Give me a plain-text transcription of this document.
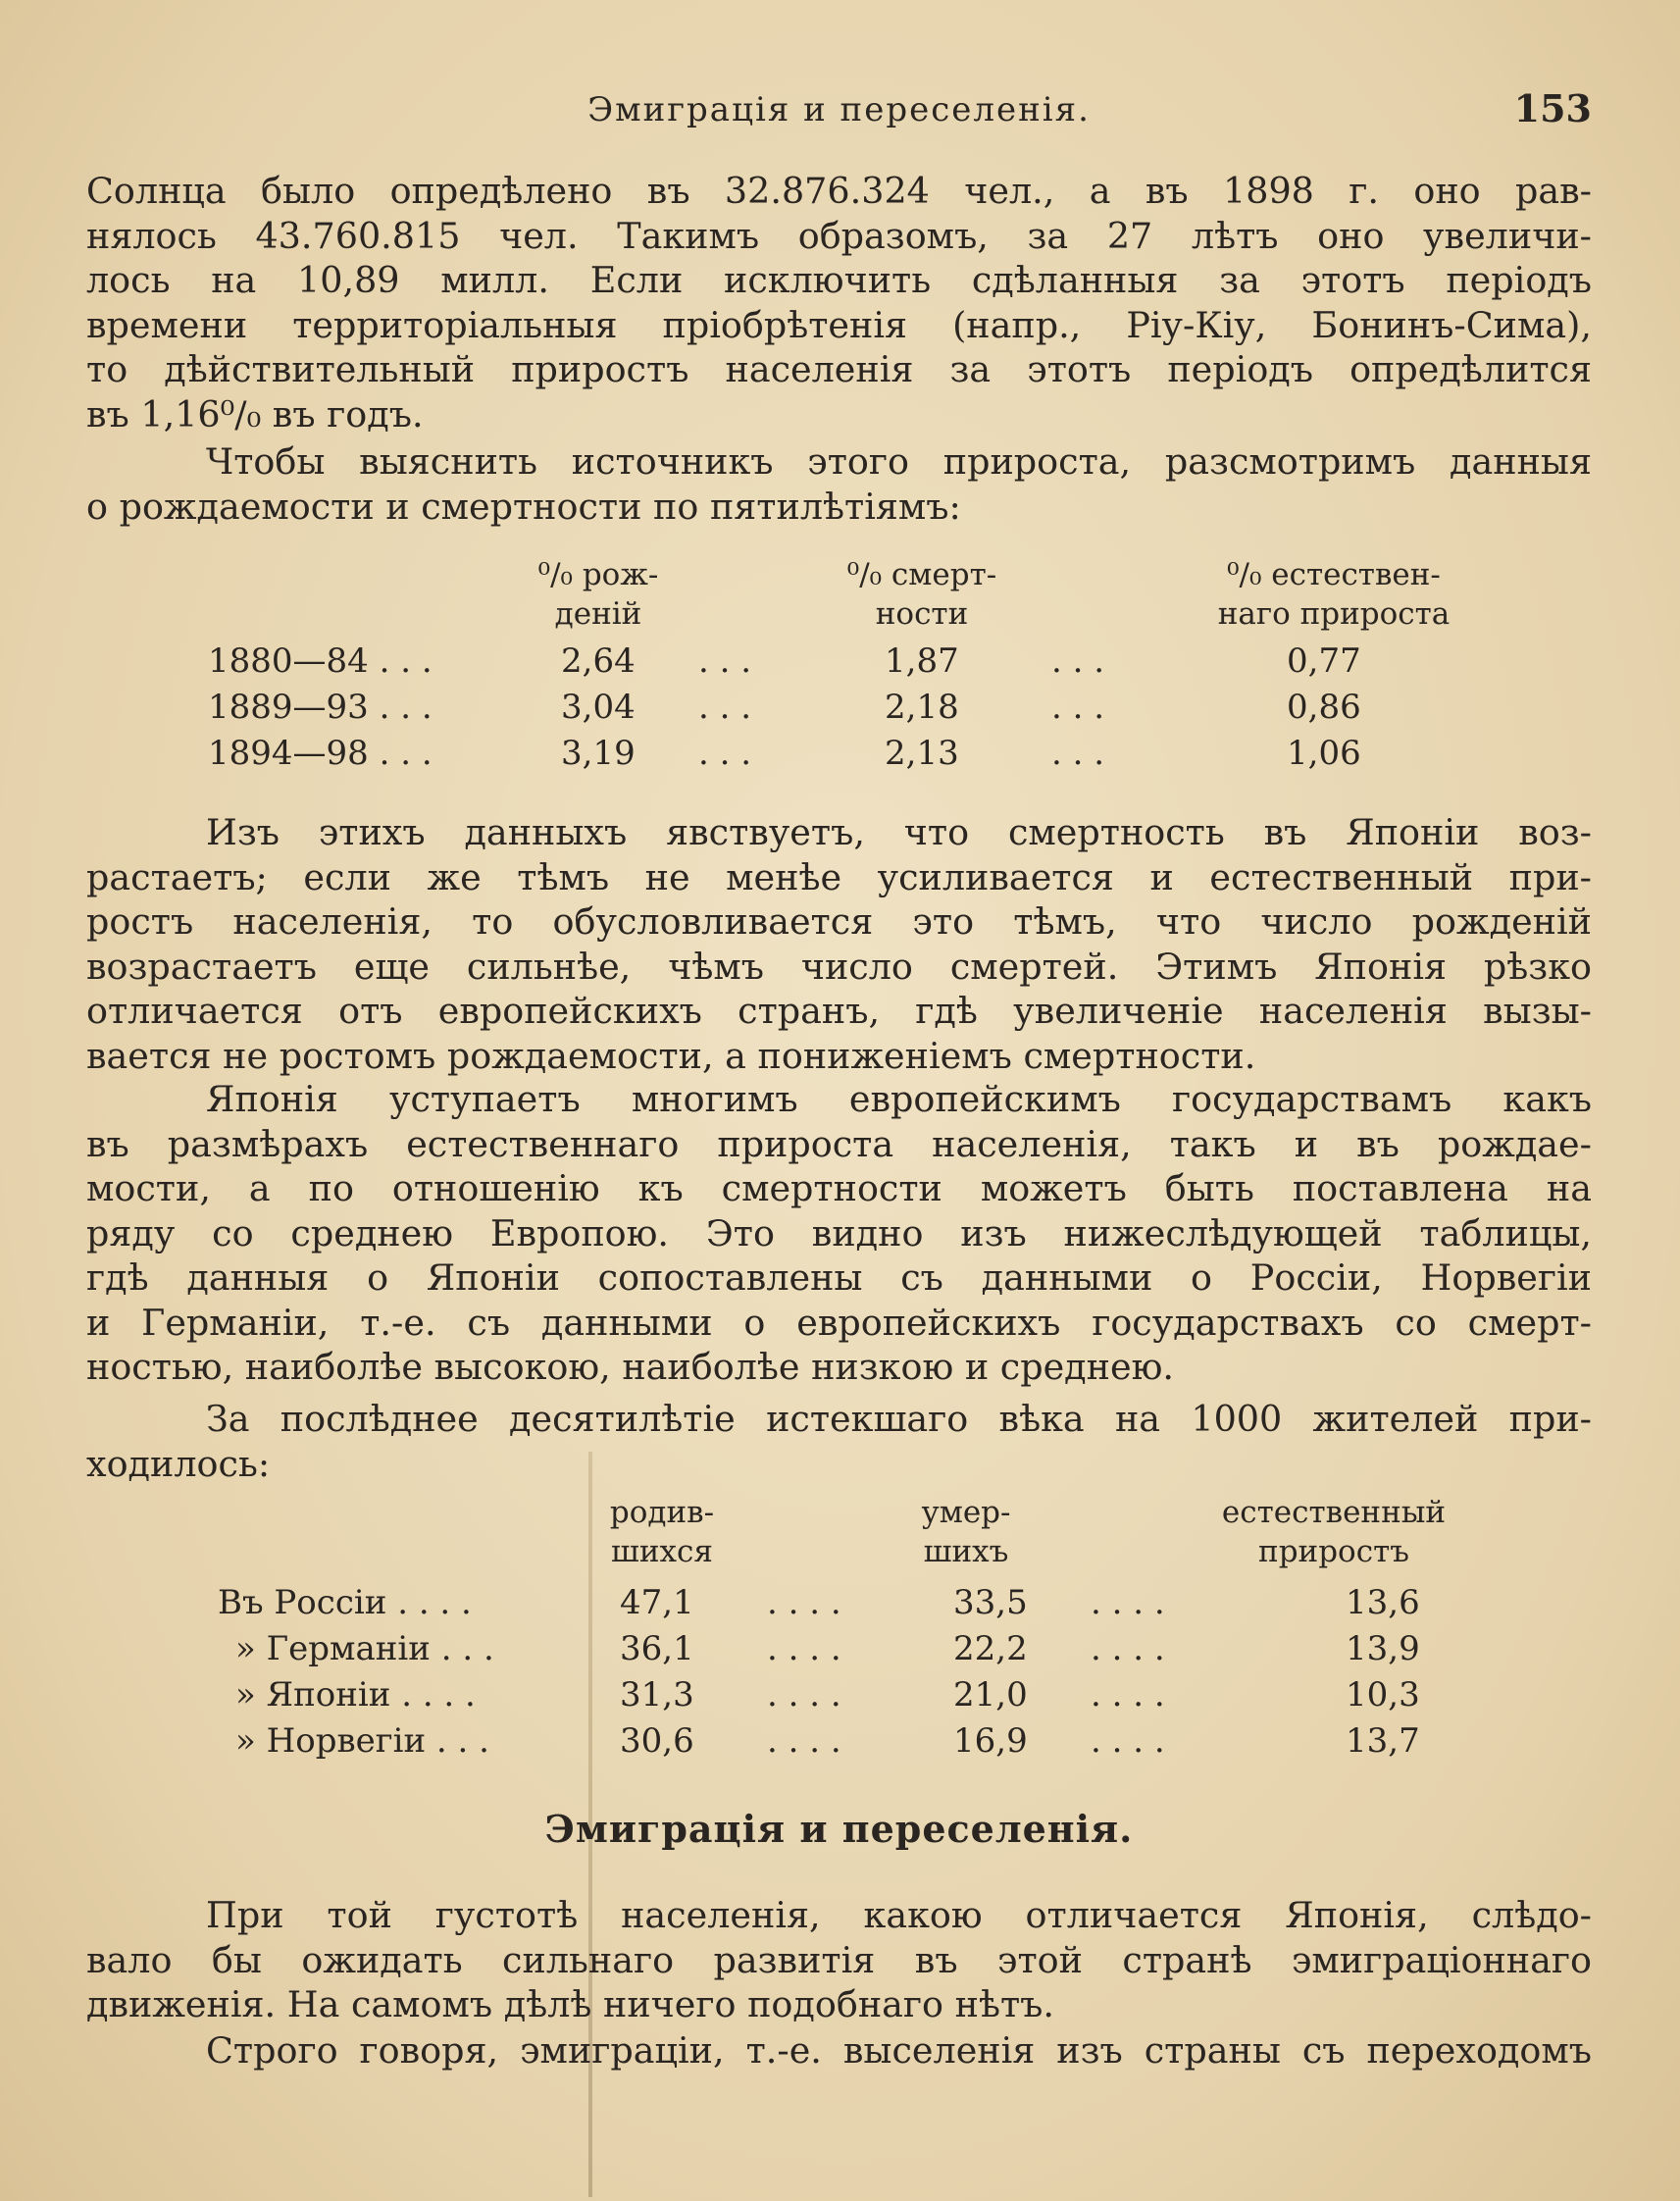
Эмиграція и переселенія.	153
Солнца было опредѣлено въ 32.876.324 чел., а въ 1898 г. оно рав-
нялось 43.760.815 чел. Такимъ образомъ, за 27 лѣтъ оно увеличи-
лось на 10,89 милл. Если исключить сдѣланныя за этотъ періодъ
времени территоріальныя пріобрѣтенія (напр., Ріу-Кіу, Бонинъ-Сима),
то дѣйствительный приростъ населенія за этотъ періодъ опредѣлится
въ 1,16⁰/₀ въ годъ.
Чтобы выяснить источникъ этого прироста, разсмотримъ данныя
о рождаемости и смертности по пятилѣтіямъ:
⁰/₀ рож-
деній
⁰/₀ смерт-
ности
⁰/₀ естествен-
наго прироста
1880—84 . . .	2,64	. . .	1,87	. . .	0,77
1889—93 . . .	3,04	. . .	2,18	. . .	0,86
1894—98 . . .	3,19	. . .	2,13	. . .	1,06
Изъ этихъ данныхъ явствуетъ, что смертность въ Японіи воз-
растаетъ; если же тѣмъ не менѣе усиливается и естественный при-
ростъ населенія, то обусловливается это тѣмъ, что число рожденій
возрастаетъ еще сильнѣе, чѣмъ число смертей. Этимъ Японія рѣзко
отличается отъ европейскихъ странъ, гдѣ увеличеніе населенія вызы-
вается не ростомъ рождаемости, а пониженіемъ смертности.
Японія уступаетъ многимъ европейскимъ государствамъ какъ
въ размѣрахъ естественнаго прироста населенія, такъ и въ рождае-
мости, а по отношенію къ смертности можетъ быть поставлена на
ряду со среднею Европою. Это видно изъ нижеслѣдующей таблицы,
гдѣ данныя о Японіи сопоставлены съ данными о Россіи, Норвегіи
и Германіи, т.-е. съ данными о европейскихъ государствахъ со смерт-
ностью, наиболѣе высокою, наиболѣе низкою и среднею.
За послѣднее десятилѣтіе истекшаго вѣка на 1000 жителей при-
ходилось:
родив-
шихся
умер-
шихъ
естественный
приростъ
Въ Россіи . . . .	47,1	. . . .	33,5	. . . .	13,6
» Германіи . . .	36,1	. . . .	22,2	. . . .	13,9
» Японіи . . . .	31,3	. . . .	21,0	. . . .	10,3
» Норвегіи . . .	30,6	. . . .	16,9	. . . .	13,7
Эмиграція и переселенія.
При той густотѣ населенія, какою отличается Японія, слѣдо-
вало бы ожидать сильнаго развитія въ этой странѣ эмиграціоннаго
движенія. На самомъ дѣлѣ ничего подобнаго нѣтъ.
Строго говоря, эмиграціи, т.-е. выселенія изъ страны съ переходомъ
